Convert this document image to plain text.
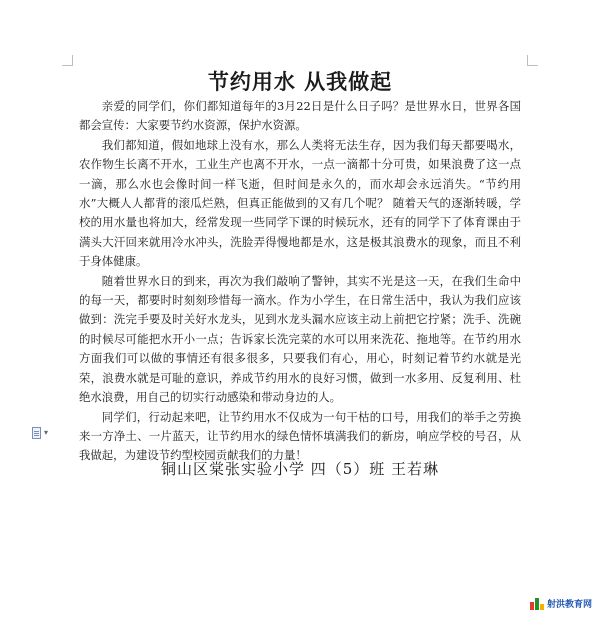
节约用水 从我做起

亲爱的同学们，你们都知道每年的3月22日是什么日子吗？是世界水日，世界各国都会宣传：大家要节约水资源，保护水资源。

我们都知道，假如地球上没有水，那么人类将无法生存，因为我们每天都要喝水，农作物生长离不开水，工业生产也离不开水，一点一滴都十分可贵，如果浪费了这一点一滴，那么水也会像时间一样飞逝，但时间是永久的，而水却会永远消失。“节约用水”大概人人都背的滚瓜烂熟，但真正能做到的又有几个呢？ 随着天气的逐渐转暖，学校的用水量也将加大，经常发现一些同学下课的时候玩水，还有的同学下了体育课由于满头大汗回来就用冷水冲头，洗脸弄得慢地都是水，这是极其浪费水的现象，而且不利于身体健康。

随着世界水日的到来，再次为我们敲响了警钟，其实不光是这一天，在我们生命中的每一天，都要时时刻刻珍惜每一滴水。作为小学生，在日常生活中，我认为我们应该做到：洗完手要及时关好水龙头，见到水龙头漏水应该主动上前把它拧紧；洗手、洗碗的时候尽可能把水开小一点；告诉家长洗完菜的水可以用来洗花、拖地等。在节约用水方面我们可以做的事情还有很多很多，只要我们有心，用心，时刻记着节约水就是光荣，浪费水就是可耻的意识，养成节约用水的良好习惯，做到一水多用、反复利用、杜绝水浪费，用自己的切实行动感染和带动身边的人。

同学们，行动起来吧，让节约用水不仅成为一句干枯的口号，用我们的举手之劳换来一方净土、一片蓝天，让节约用水的绿色情怀填满我们的新房，响应学校的号召，从我做起，为建设节约型校园贡献我们的力量！

▾
铜山区棠张实验小学 四（5）班 王若琳
射洪教育网
